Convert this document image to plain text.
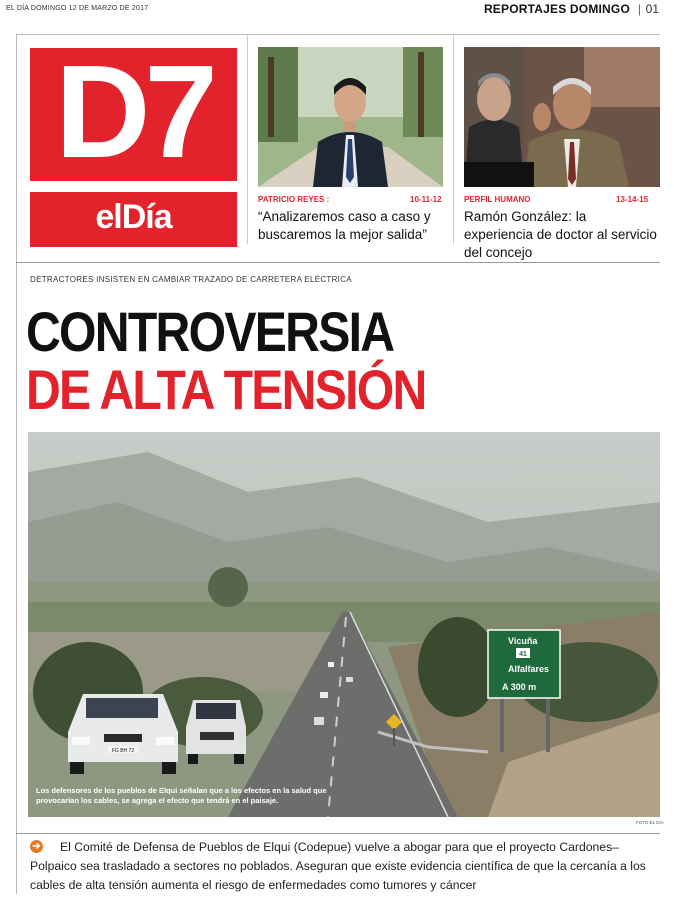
EL DÍA DOMINGO 12 DE MARZO DE 2017	REPORTAJES DOMINGO | 01
D7
elDía	PATRICIO REYES :	10-11-12
“Analizaremos caso a caso y buscaremos la mejor salida”
PERFIL HUMANO	13-14-15
Ramón González: la experiencia de doctor al servicio del concejo
DETRACTORES INSISTEN EN CAMBIAR TRAZADO DE CARRETERA ELÉCTRICA
CONTROVERSIA
DE ALTA TENSIÓN
FG BH 72
Vicuña
41
Alfalfares
A 300 m
Los defensores de los pueblos de Elqui señalan que a los efectos en la salud que provocarían los cables, se agrega el efecto que tendrá en el paisaje.
FOTO:EL DÍA
➔	El Comité de Defensa de Pueblos de Elqui (Codepue) vuelve a abogar para que el proyecto Cardones–Polpaico sea trasladado a sectores no poblados. Aseguran que existe evidencia científica de que la cercanía a los cables de alta tensión aumenta el riesgo de enfermedades como tumores y cáncer
